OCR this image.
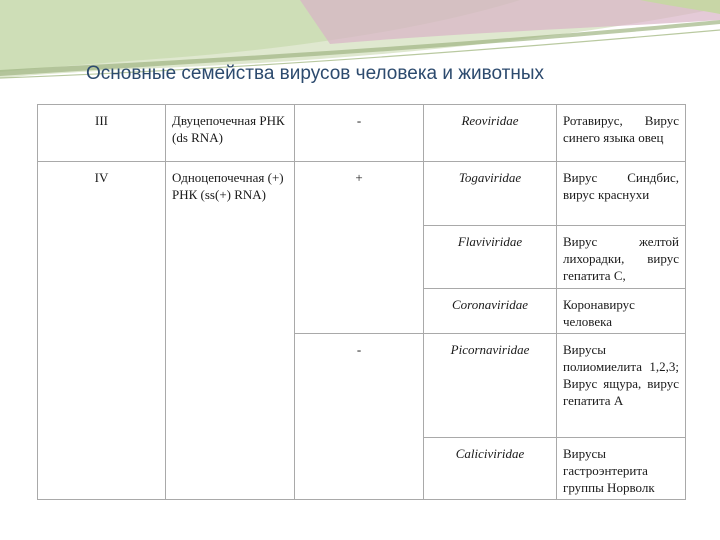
Основные семейства вирусов человека и животных
III	Двуцепочечная РНК (ds RNA)	-	Reoviridae	Ротавирус, Вирус синего языка овец

IV	Одноцепочечная (+) РНК (ss(+) RNA)	+	Togaviridae	Вирус Синдбис, вирус краснухи

			Flaviviridae	Вирус желтой лихорадки, вирус гепатита С,

			Coronaviridae	Коронавирус человека

		-	Picornaviridae	Вирусы полиомиелита 1,2,3; Вирус ящура, вирус гепатита А

			Caliciviridae	Вирусы гастроэнтерита группы Норволк
